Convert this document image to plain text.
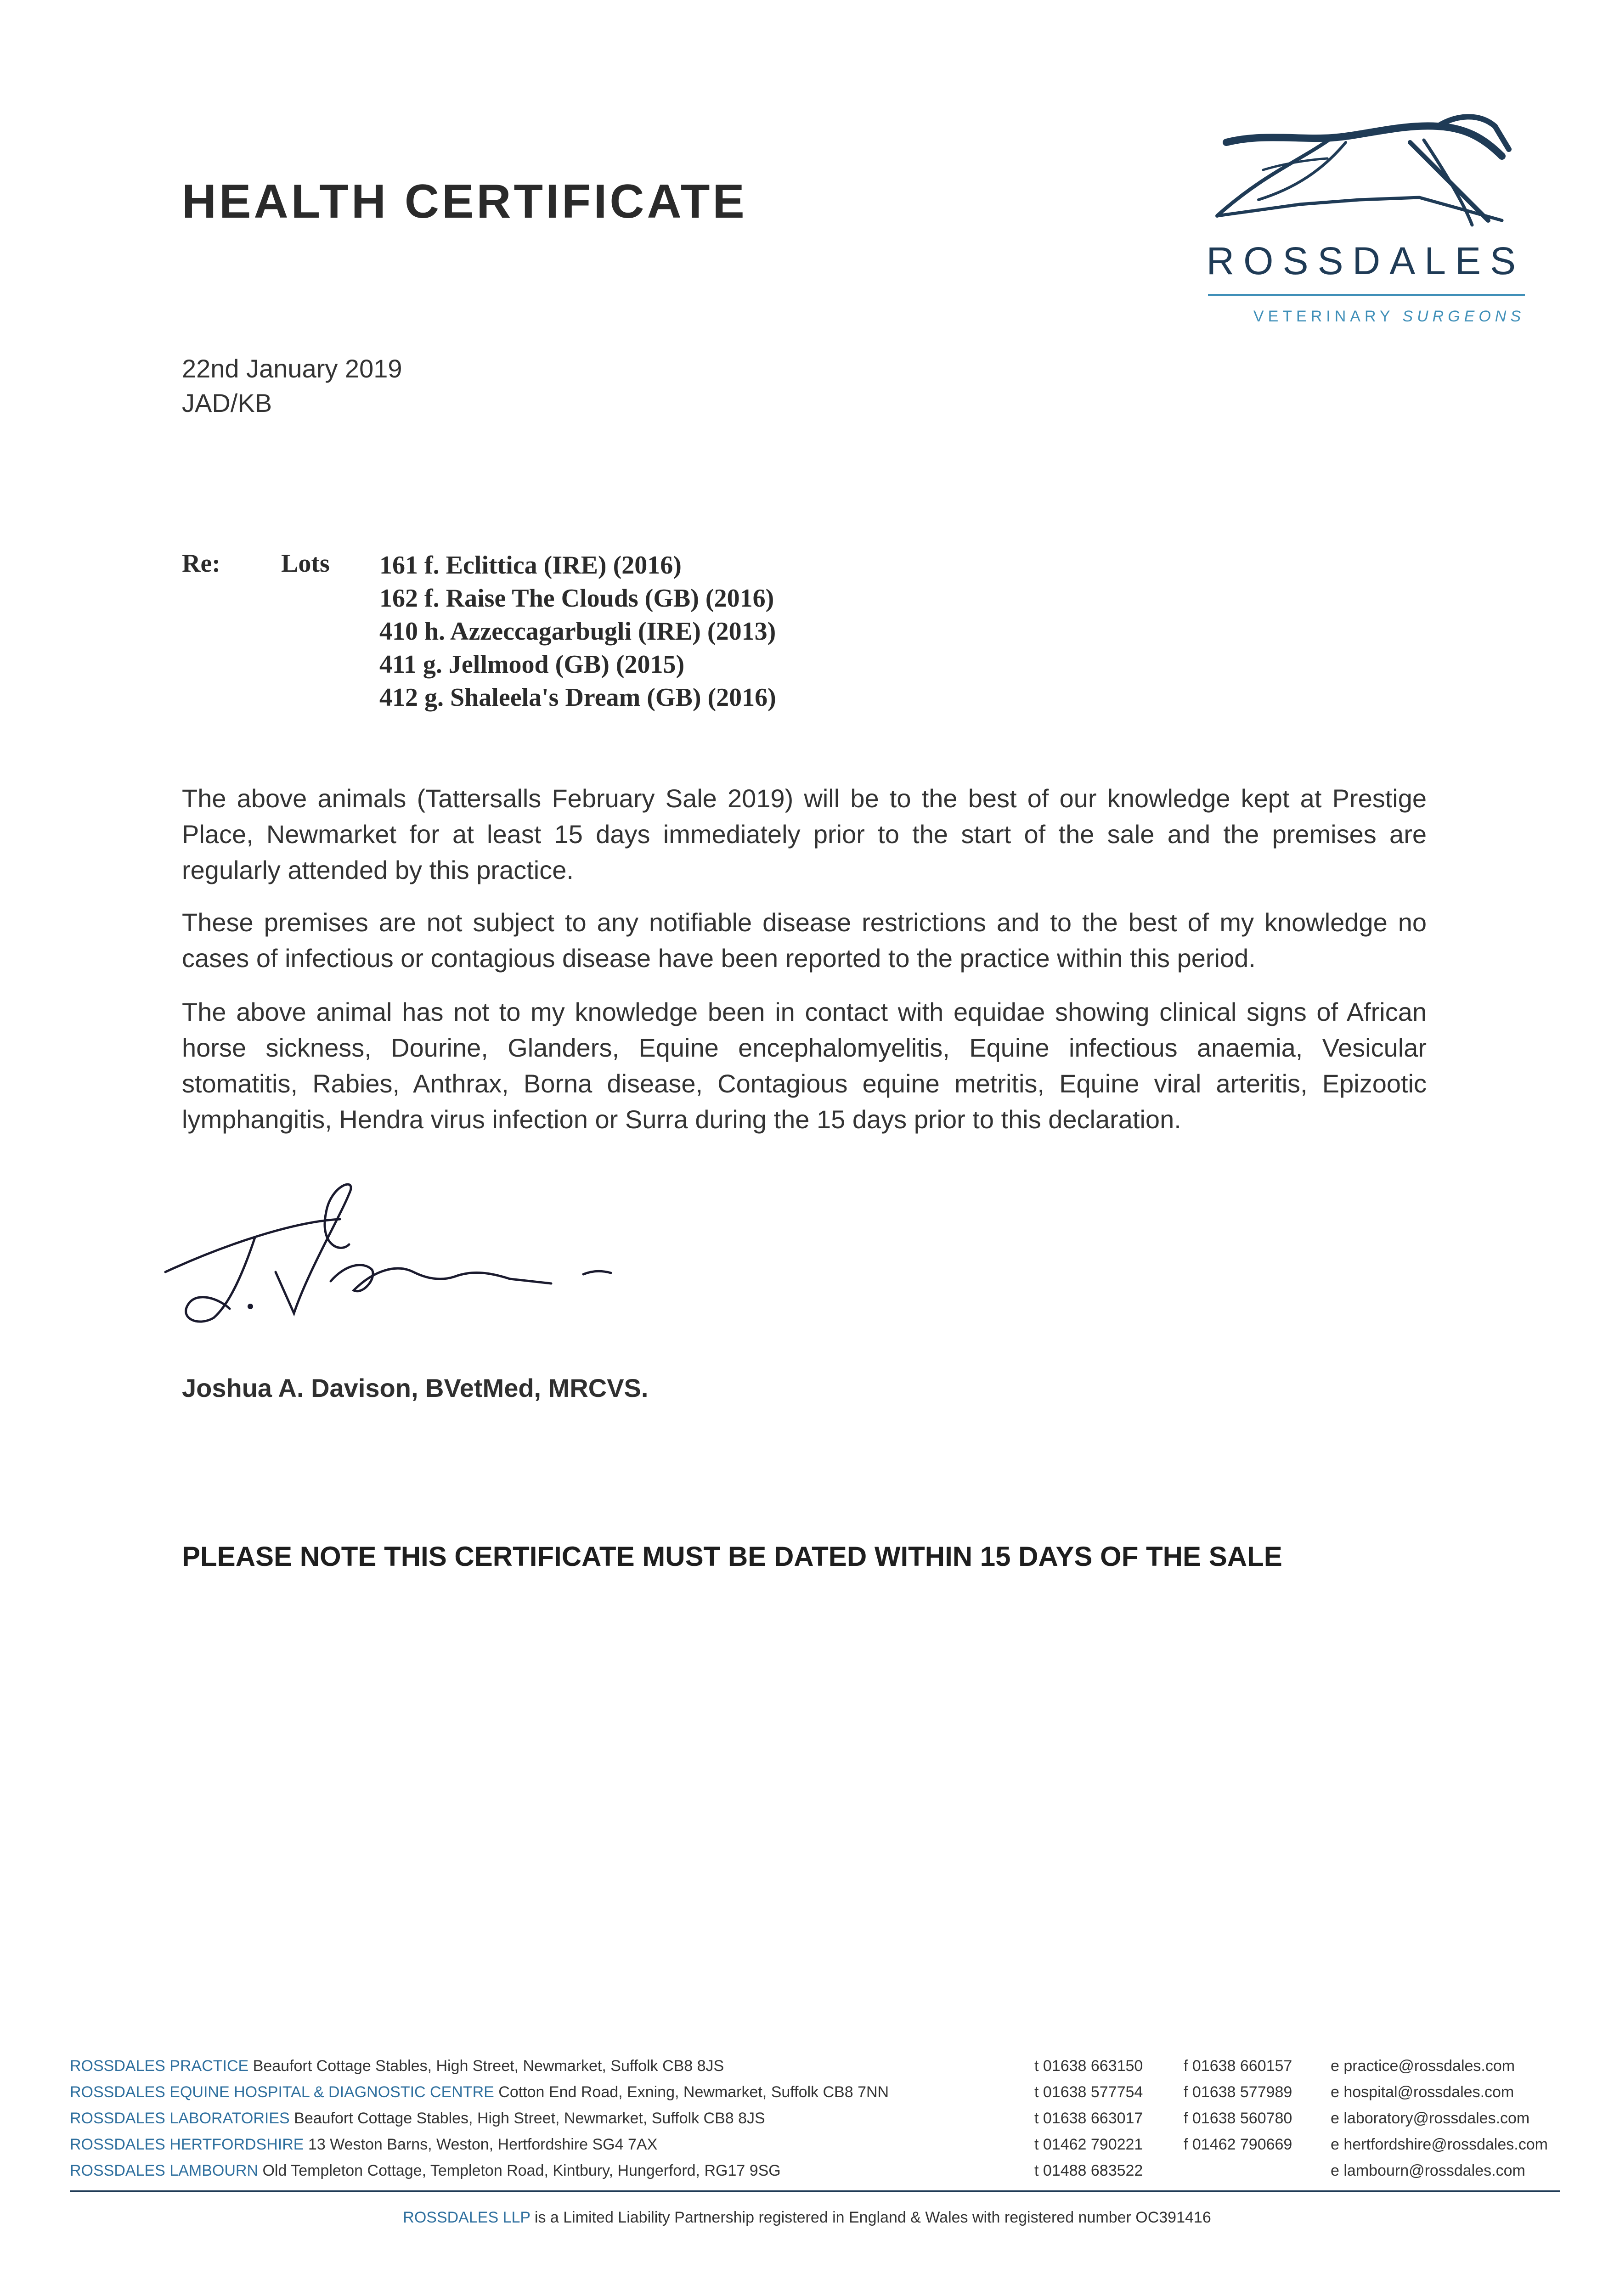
HEALTH CERTIFICATE
ROSSDALES
VETERINARY SURGEONS
22nd January 2019
JAD/KB
Re: Lots 161 f. Eclittica (IRE) (2016)
162 f. Raise The Clouds (GB) (2016)
410 h. Azzeccagarbugli (IRE) (2013)
411 g. Jellmood (GB) (2015)
412 g. Shaleela's Dream (GB) (2016)

The above animals (Tattersalls February Sale 2019) will be to the best of our knowledge kept at Prestige Place, Newmarket for at least 15 days immediately prior to the start of the sale and the premises are regularly attended by this practice.

These premises are not subject to any notifiable disease restrictions and to the best of my knowledge no cases of infectious or contagious disease have been reported to the practice within this period.

The above animal has not to my knowledge been in contact with equidae showing clinical signs of African horse sickness, Dourine, Glanders, Equine encephalomyelitis, Equine infectious anaemia, Vesicular stomatitis, Rabies, Anthrax, Borna disease, Contagious equine metritis, Equine viral arteritis, Epizootic lymphangitis, Hendra virus infection or Surra during the 15 days prior to this declaration.

Joshua A. Davison, BVetMed, MRCVS.
PLEASE NOTE THIS CERTIFICATE MUST BE DATED WITHIN 15 DAYS OF THE SALE
ROSSDALES PRACTICE Beaufort Cottage Stables, High Street, Newmarket, Suffolk CB8 8JS	t 01638 663150	f 01638 660157 e practice@rossdales.com
ROSSDALES EQUINE HOSPITAL & DIAGNOSTIC CENTRE Cotton End Road, Exning, Newmarket, Suffolk CB8 7NN	t 01638 577754	f 01638 577989 e hospital@rossdales.com
ROSSDALES LABORATORIES Beaufort Cottage Stables, High Street, Newmarket, Suffolk CB8 8JS	t 01638 663017	f 01638 560780 e laboratory@rossdales.com
ROSSDALES HERTFORDSHIRE 13 Weston Barns, Weston, Hertfordshire SG4 7AX	t 01462 790221	f 01462 790669 e hertfordshire@rossdales.com
ROSSDALES LAMBOURN Old Templeton Cottage, Templeton Road, Kintbury, Hungerford, RG17 9SG	t 01488 683522	e lambourn@rossdales.com
ROSSDALES LLP is a Limited Liability Partnership registered in England & Wales with registered number OC391416
